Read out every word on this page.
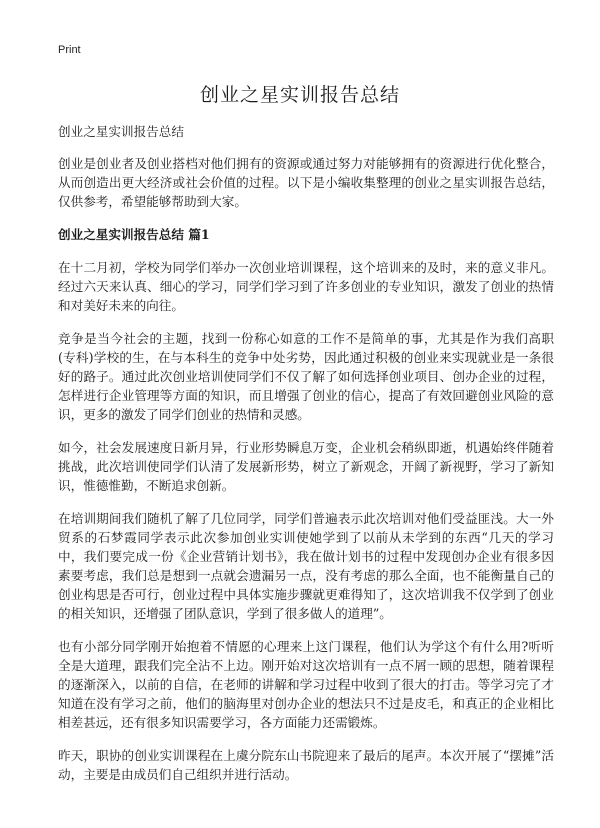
Print
创业之星实训报告总结

创业之星实训报告总结

创业是创业者及创业搭档对他们拥有的资源或通过努力对能够拥有的资源进行优化整合，从而创造出更大经济或社会价值的过程。以下是小编收集整理的创业之星实训报告总结，仅供参考，希望能够帮助到大家。

创业之星实训报告总结 篇1

在十二月初，学校为同学们举办一次创业培训课程，这个培训来的及时，来的意义非凡。经过六天来认真、细心的学习，同学们学习到了许多创业的专业知识，激发了创业的热情和对美好未来的向往。

竞争是当今社会的主题，找到一份称心如意的工作不是简单的事，尤其是作为我们高职(专科)学校的生，在与本科生的竞争中处劣势，因此通过积极的创业来实现就业是一条很好的路子。通过此次创业培训使同学们不仅了解了如何选择创业项目、创办企业的过程，怎样进行企业管理等方面的知识，而且增强了创业的信心，提高了有效回避创业风险的意识，更多的激发了同学们创业的热情和灵感。

如今，社会发展速度日新月异，行业形势瞬息万变，企业机会稍纵即逝，机遇始终伴随着挑战，此次培训使同学们认清了发展新形势，树立了新观念，开阔了新视野，学习了新知识，惟德惟勤，不断追求创新。

在培训期间我们随机了解了几位同学，同学们普遍表示此次培训对他们受益匪浅。大一外贸系的石梦霞同学表示此次参加创业实训使她学到了以前从未学到的东西“几天的学习中，我们要完成一份《企业营销计划书》，我在做计划书的过程中发现创办企业有很多因素要考虑，我们总是想到一点就会遗漏另一点，没有考虑的那么全面，也不能衡量自己的创业构思是否可行，创业过程中具体实施步骤就更难得知了，这次培训我不仅学到了创业的相关知识，还增强了团队意识，学到了很多做人的道理”。

也有小部分同学刚开始抱着不情愿的心理来上这门课程，他们认为学这个有什么用?听听全是大道理，跟我们完全沾不上边。刚开始对这次培训有一点不屑一顾的思想，随着课程的逐渐深入，以前的自信，在老师的讲解和学习过程中收到了很大的打击。等学习完了才知道在没有学习之前，他们的脑海里对创办企业的想法只不过是皮毛，和真正的企业相比相差甚远，还有很多知识需要学习，各方面能力还需锻炼。

昨天，职协的创业实训课程在上虞分院东山书院迎来了最后的尾声。本次开展了“摆摊”活动，主要是由成员们自己组织并进行活动。
